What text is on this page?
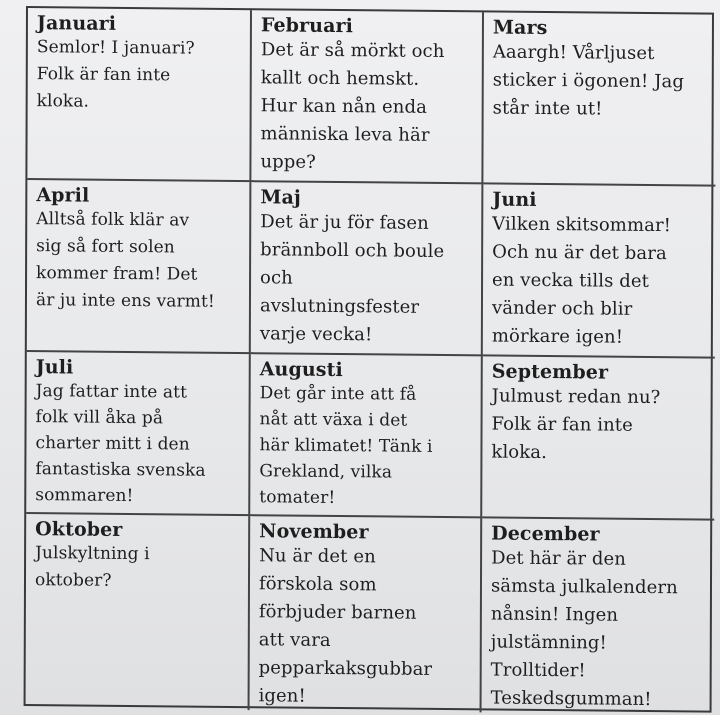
Januari
Semlor! I januari?
Folk är fan inte
kloka.
Februari
Det är så mörkt och
kallt och hemskt.
Hur kan nån enda
människa leva här
uppe?
Mars
Aaargh! Vårljuset
sticker i ögonen! Jag
står inte ut!
April
Alltså folk klär av
sig så fort solen
kommer fram! Det
är ju inte ens varmt!
Maj
Det är ju för fasen
brännboll och boule
och
avslutningsfester
varje vecka!
Juni
Vilken skitsommar!
Och nu är det bara
en vecka tills det
vänder och blir
mörkare igen!
Juli
Jag fattar inte att
folk vill åka på
charter mitt i den
fantastiska svenska
sommaren!
Augusti
Det går inte att få
nåt att växa i det
här klimatet! Tänk i
Grekland, vilka
tomater!
September
Julmust redan nu?
Folk är fan inte
kloka.
Oktober
Julskyltning i
oktober?
November
Nu är det en
förskola som
förbjuder barnen
att vara
pepparkaksgubbar
igen!
December
Det här är den
sämsta julkalendern
nånsin! Ingen
julstämning!
Trolltider!
Teskedsgumman!
